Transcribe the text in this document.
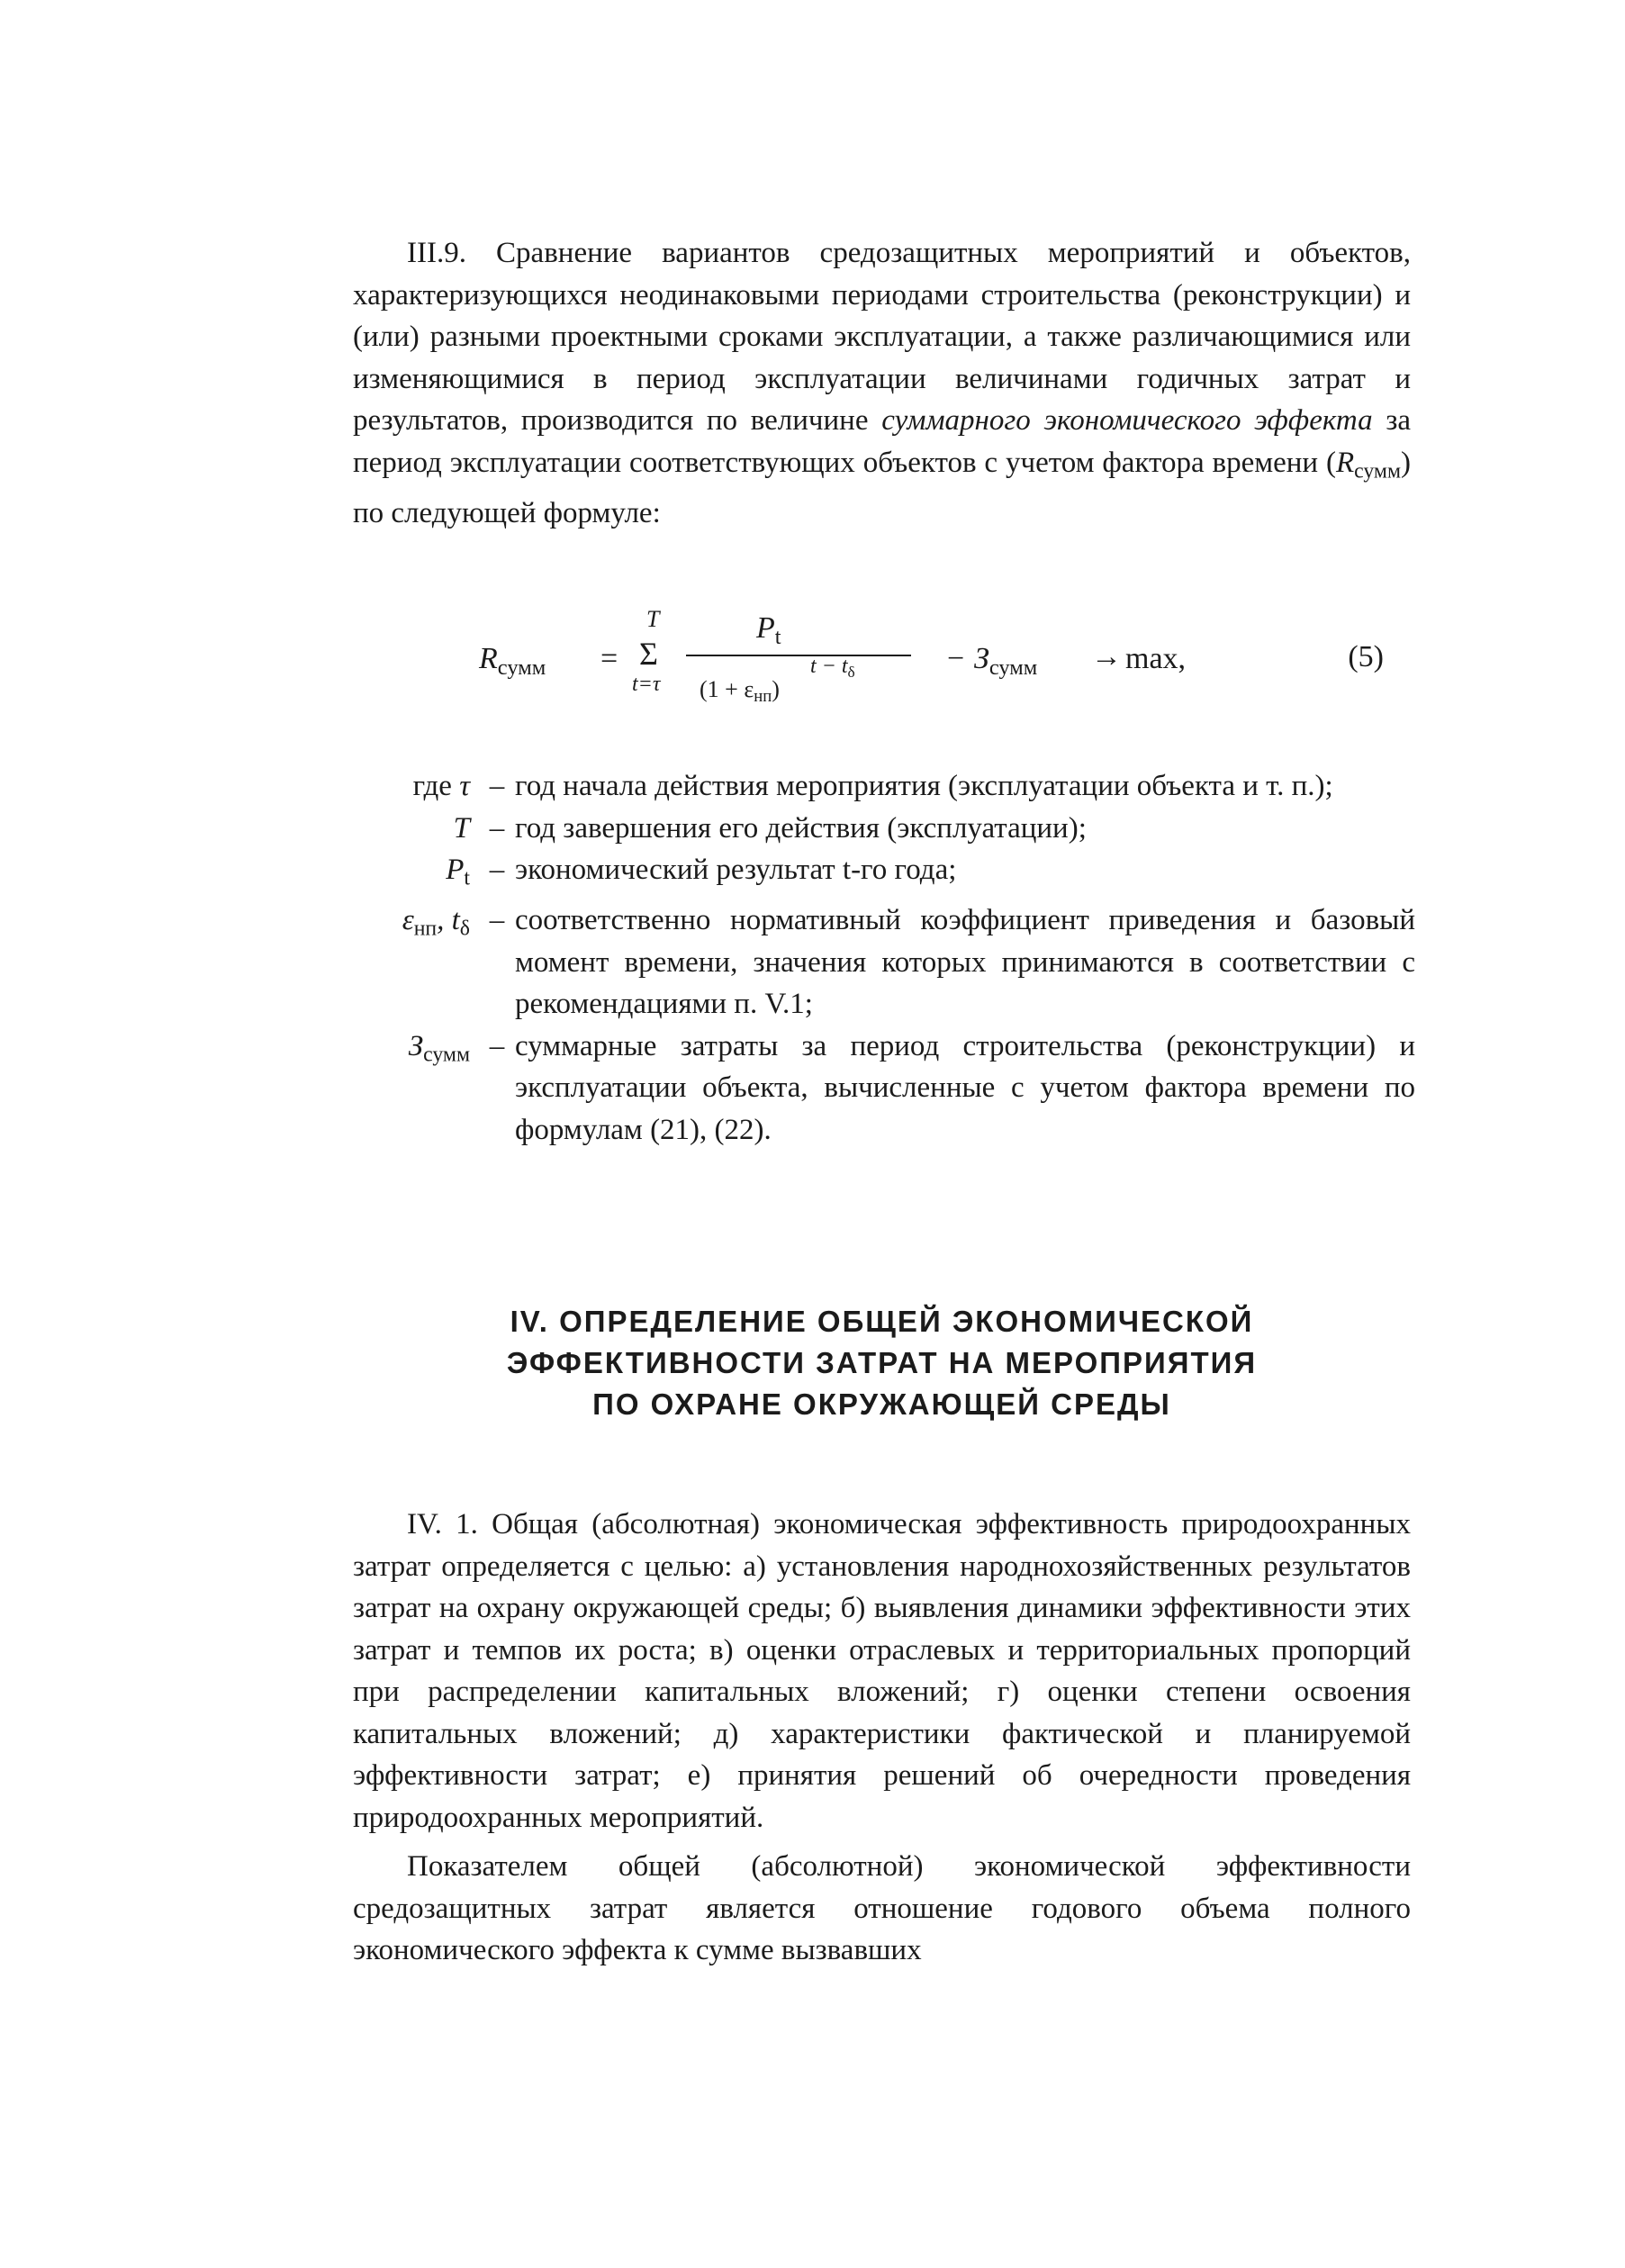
III.9. Сравнение вариантов средозащитных мероприятий и объектов, характеризующихся неодинаковыми периодами строительства (реконструкции) и (или) разными проектными сроками эксплуатации, а также различающимися или изменяющимися в период эксплуатации величинами годичных затрат и результатов, производится по величине суммарного экономического эффекта за период эксплуатации соответствующих объектов с учетом фактора времени $(R_{сумм})$ по следующей формуле:

$R_{сумм}$ =
T
Σ
t=τ
$P_t$
$(1 + \varepsilon_{нп})$
$t - t_\delta$	− $З_{сумм} \to \max$,	(5)
где τ – год начала действия мероприятия (эксплуатации объекта и т. п.);
T – год завершения его действия (эксплуатации);
$P_t$ – экономический результат t-го года;
$\varepsilon_{нп}$, $t_\delta$ – соответственно нормативный коэффициент приведения и базовый момент времени, значения которых принимаются в соответствии с рекомендациями п. V.1;
$З_{сумм}$ – суммарные затраты за период строительства (реконструкции) и эксплуатации объекта, вычисленные с учетом фактора времени по формулам (21), (22).
IV. ОПРЕДЕЛЕНИЕ ОБЩЕЙ ЭКОНОМИЧЕСКОЙ
ЭФФЕКТИВНОСТИ ЗАТРАТ НА МЕРОПРИЯТИЯ
ПО ОХРАНЕ ОКРУЖАЮЩЕЙ СРЕДЫ

IV. 1. Общая (абсолютная) экономическая эффективность природоохранных затрат определяется с целью: а) установления народнохозяйственных результатов затрат на охрану окружающей среды; б) выявления динамики эффективности этих затрат и темпов их роста; в) оценки отраслевых и территориальных пропорций при распределении капитальных вложений; г) оценки степени освоения капитальных вложений; д) характеристики фактической и планируемой эффективности затрат; е) принятия решений об очередности проведения природоохранных мероприятий.

Показателем общей (абсолютной) экономической эффективности средозащитных затрат является отношение годового объема полного экономического эффекта к сумме вызвавших
